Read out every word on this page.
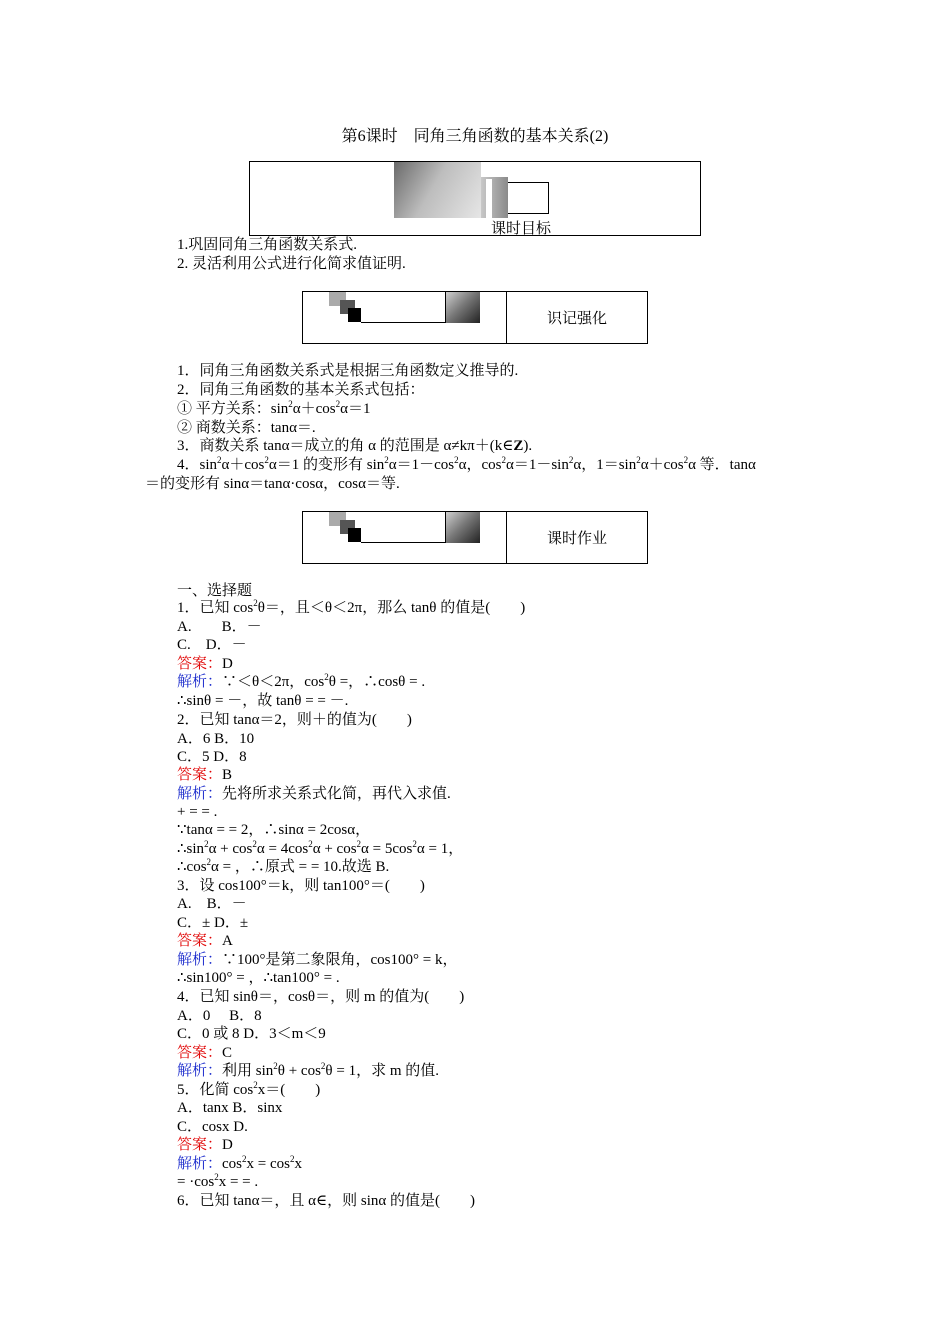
第6课时　同角三角函数的基本关系(2)
课时目标
1.巩固同角三角函数关系式.
2. 灵活利用公式进行化简求值证明.
识记强化
1．同角三角函数关系式是根据三角函数定义推导的.
2．同角三角函数的基本关系式包括：
① 平方关系：$\sin^2\alpha+\cos^2\alpha=1$
② 商数关系：tanα＝.
3．商数关系 tanα＝成立的角 α 的范围是 α≠kπ＋(k∈Z).
4．$\sin^2\alpha+\cos^2\alpha=1$ 的变形有 $\sin^2\alpha=1-\cos^2\alpha$，$\cos^2\alpha=1-\sin^2\alpha$，$1=\sin^2\alpha+\cos^2\alpha$ 等．tanα
＝的变形有 sinα＝tanα·cosα，cosα＝等.
课时作业
一、选择题
1．已知 $\cos^2\theta=$，且＜θ＜2π，那么 tanθ 的值是(　　)
A.　　B．－
C.　D．－
答案：D
解析：∵＜θ＜2π，$\cos^2\theta$ =，∴cosθ = .
∴sinθ = －，故 tanθ = = －.
2．已知 tanα＝2，则＋的值为(　　)
A．6 B．10
C．5 D．8
答案：B
解析：先将所求关系式化简，再代入求值.
+ = = .
∵tanα = = 2，∴sinα = 2cosα，
$\therefore\sin^2\alpha + \cos^2\alpha = 4\cos^2\alpha + \cos^2\alpha = 5\cos^2\alpha = 1$，
$\therefore\cos^2\alpha$ = ，∴原式 = = 10.故选 B.
3．设 cos100°＝k，则 tan100°＝(　　)
A.　B．－
C．± D．±
答案：A
解析：∵100°是第二象限角，cos100° = k，
∴sin100° = ，∴tan100° = .
4．已知 sinθ＝，cosθ＝，则 m 的值为(　　)
A．0　 B．8
C．0 或 8 D．3＜m＜9
答案：C
解析：利用 $\sin^2\theta + \cos^2\theta = 1$，求 m 的值.
5．化简 $\cos^2x=$(　　)
A．tanx B．sinx
C．cosx D.
答案：D
解析：$\cos^2x = \cos^2x$
= $\cdot\cos^2x$ = = .
6．已知 tanα＝，且 α∈，则 sinα 的值是(　　)
